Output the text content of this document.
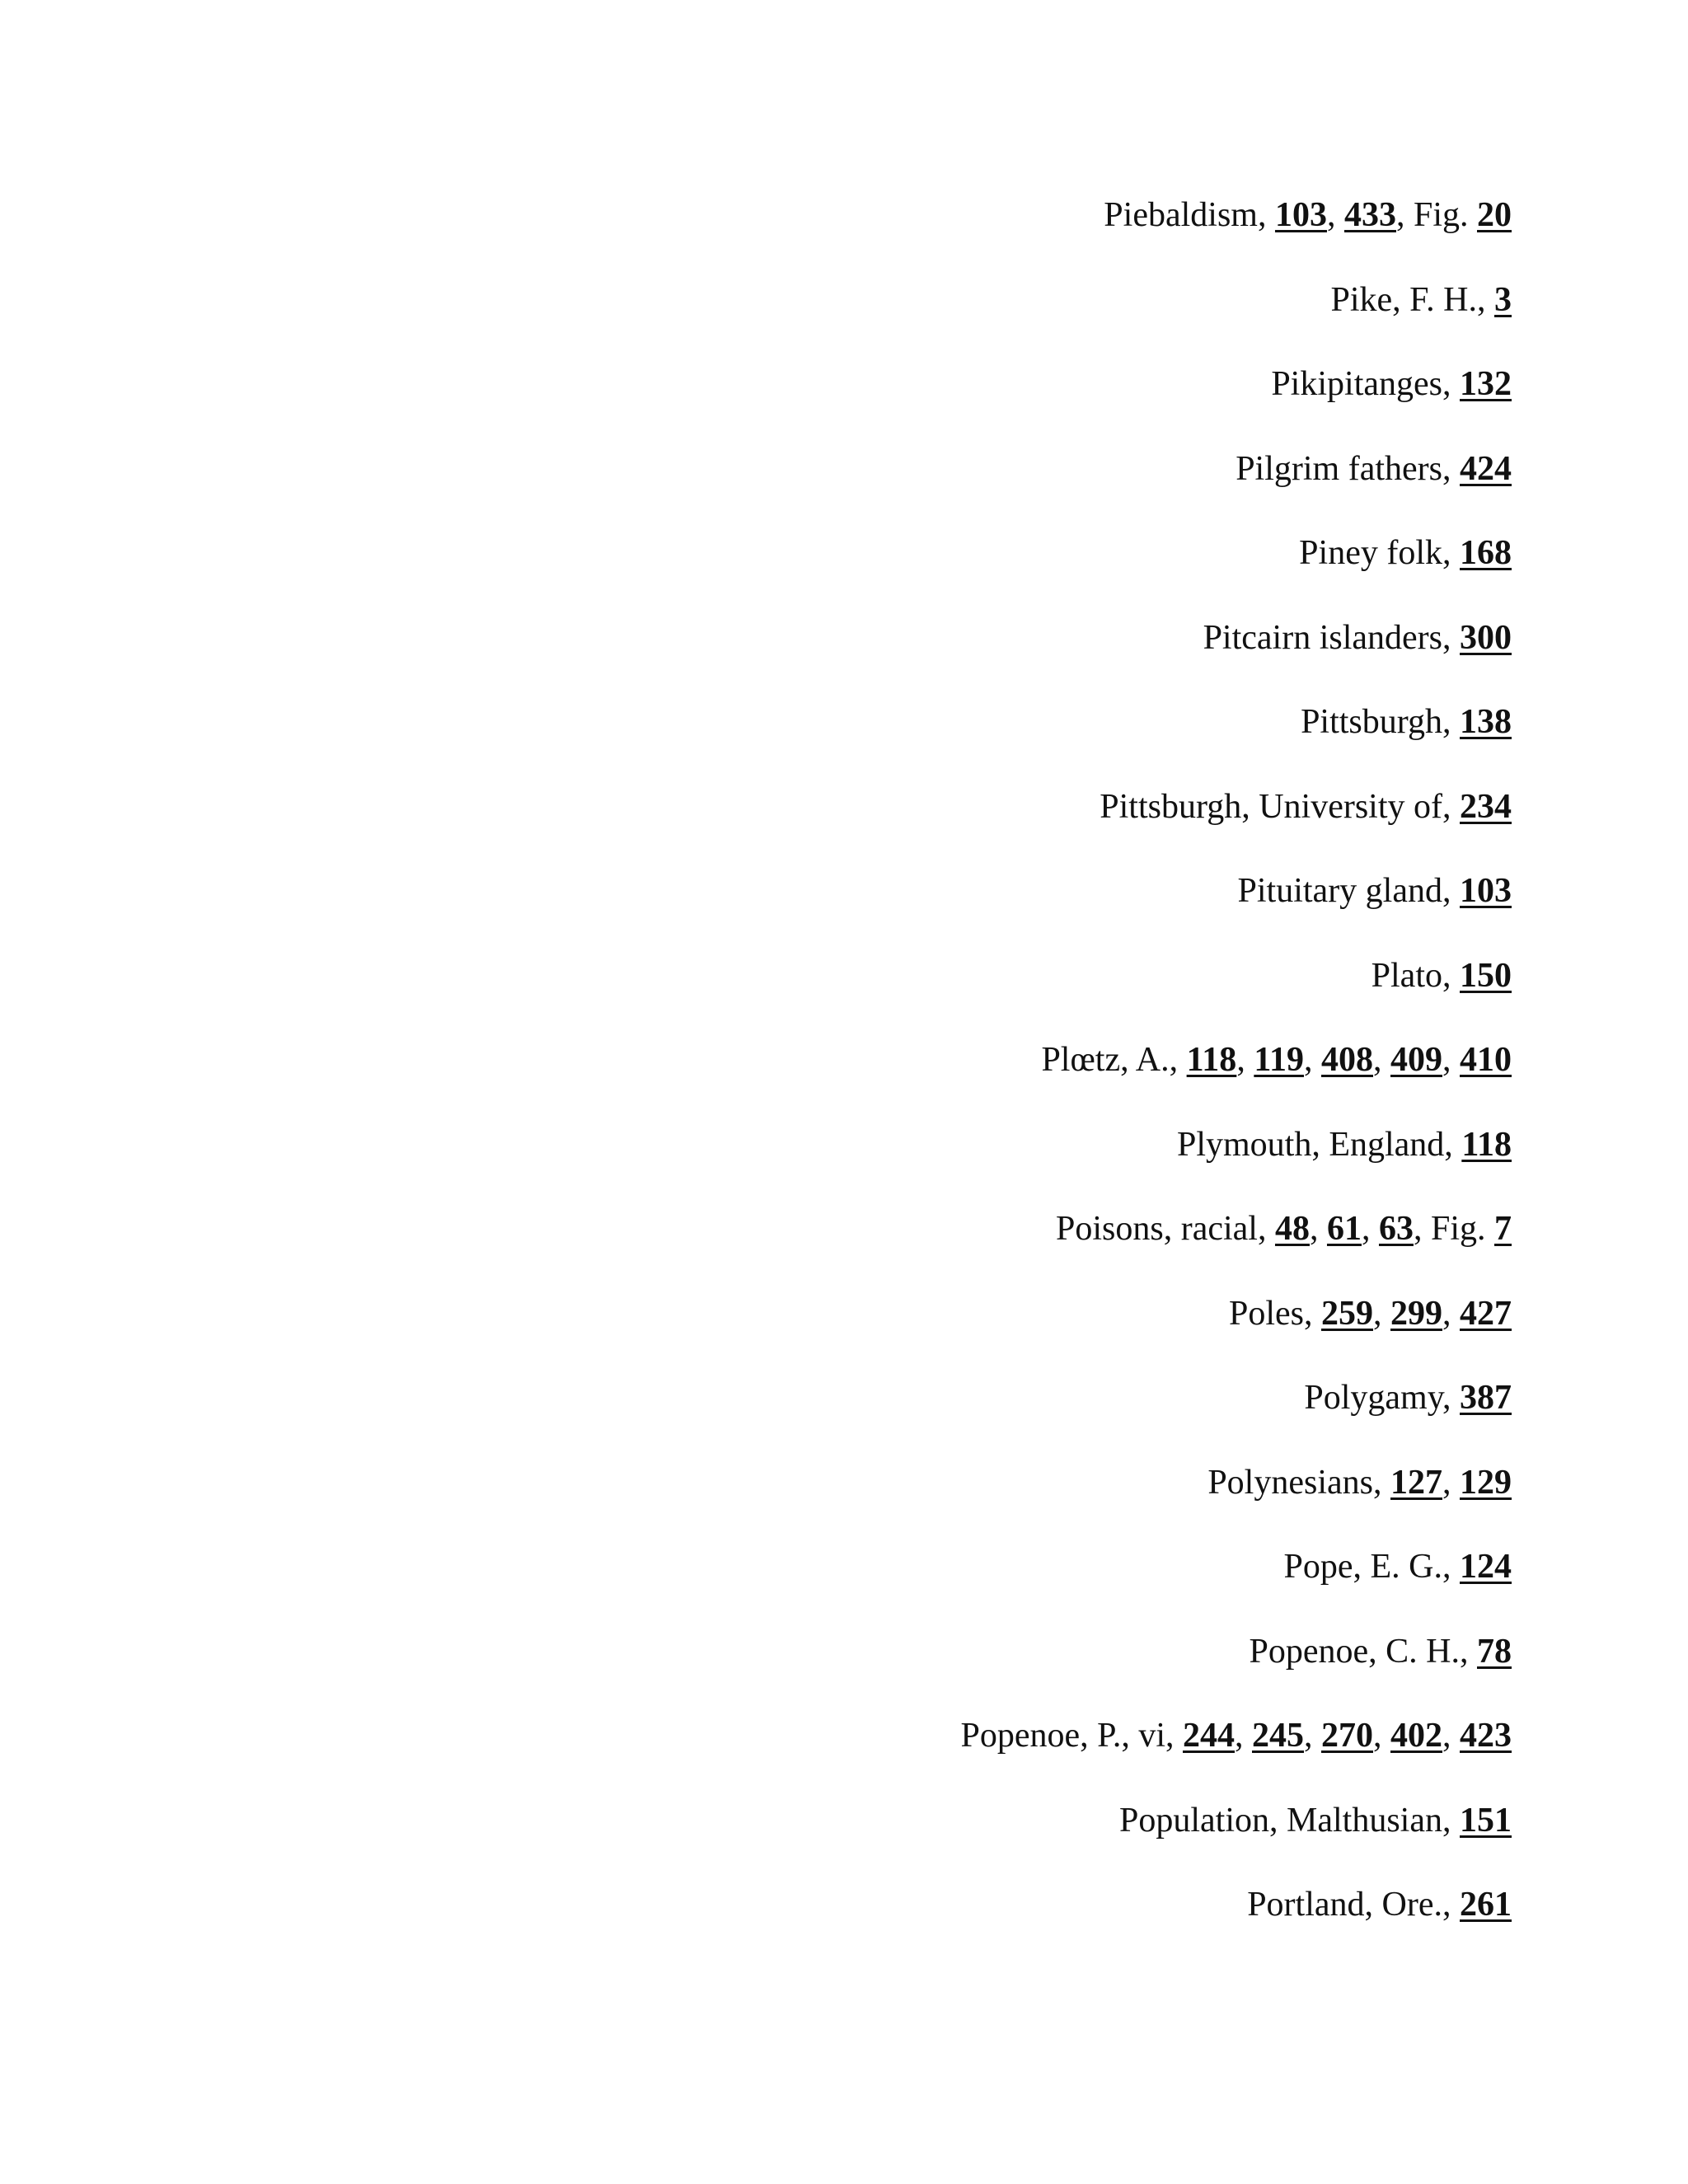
Piebaldism, 103, 433, Fig. 20
Pike, F. H., 3
Pikipitanges, 132
Pilgrim fathers, 424
Piney folk, 168
Pitcairn islanders, 300
Pittsburgh, 138
Pittsburgh, University of, 234
Pituitary gland, 103
Plato, 150
Plœtz, A., 118, 119, 408, 409, 410
Plymouth, England, 118
Poisons, racial, 48, 61, 63, Fig. 7
Poles, 259, 299, 427
Polygamy, 387
Polynesians, 127, 129
Pope, E. G., 124
Popenoe, C. H., 78
Popenoe, P., vi, 244, 245, 270, 402, 423
Population, Malthusian, 151
Portland, Ore., 261
